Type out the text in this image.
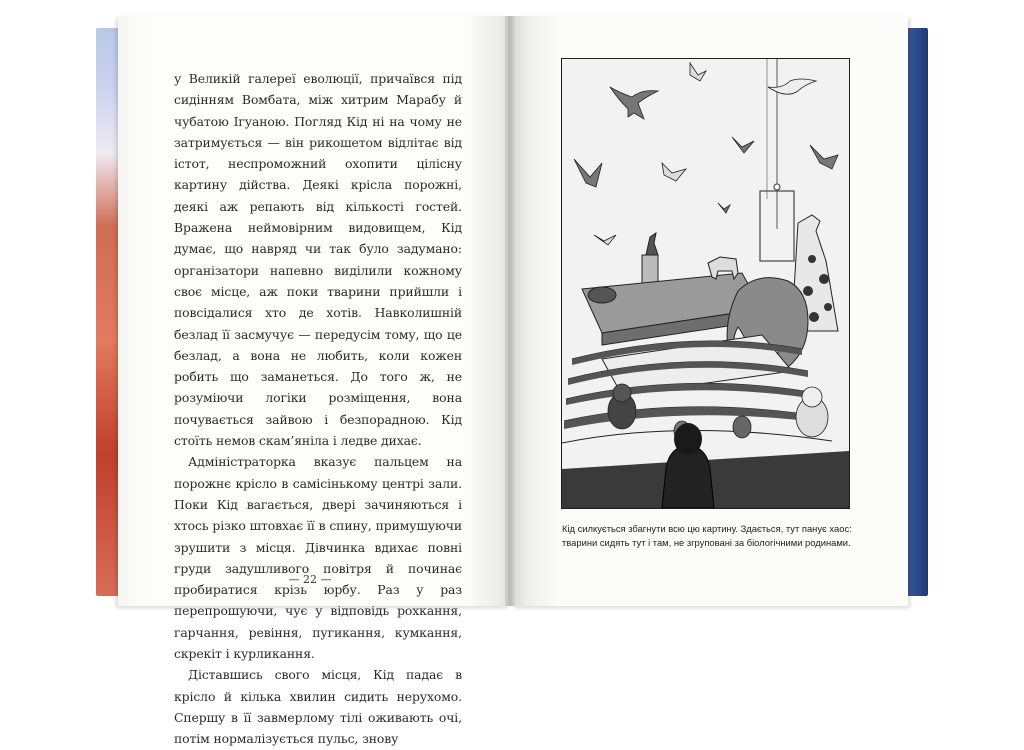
у Великій галереї еволюції, причаївся під сидінням Вомбата, між хитрим Марабу й чубатою Ігуаною. Погляд Кід ні на чому не затримується — він рикошетом відлітає від істот, неспроможний охопити цілісну картину дійства. Деякі крісла порожні, деякі аж репають від кількості гостей. Вражена неймовірним видовищем, Кід думає, що навряд чи так було задумано: організатори напевно виділили кожному своє місце, аж поки тварини прийшли і повсідалися хто де хотів. Навколишній безлад її засмучує — передусім тому, що це безлад, а вона не любить, коли кожен робить що заманеться. До того ж, не розуміючи логіки розміщення, вона почувається зайвою і безпорадною. Кід стоїть немов скам’яніла і ледве дихає.

Адміністраторка вказує пальцем на порожнє крісло в самісінькому центрі зали. Поки Кід вагається, двері зачиняються і хтось різко штовхає її в спину, примушуючи зрушити з місця. Дівчинка вдихає повні груди задушливого повітря й починає пробиратися крізь юрбу. Раз у раз перепрошуючи, чує у відповідь рохкання, гарчання, ревіння, пугикання, кумкання, скрекіт і курликання.

Діставшись свого місця, Кід падає в крісло й кілька хвилин сидить нерухомо. Спершу в її завмерлому тілі оживають очі, потім нормалізується пульс, знову

— 22 —
Кід силкується збагнути всю цю картину. Здається, тут панує хаос: тварини сидять тут і там, не згруповані за біологічними родинами.
